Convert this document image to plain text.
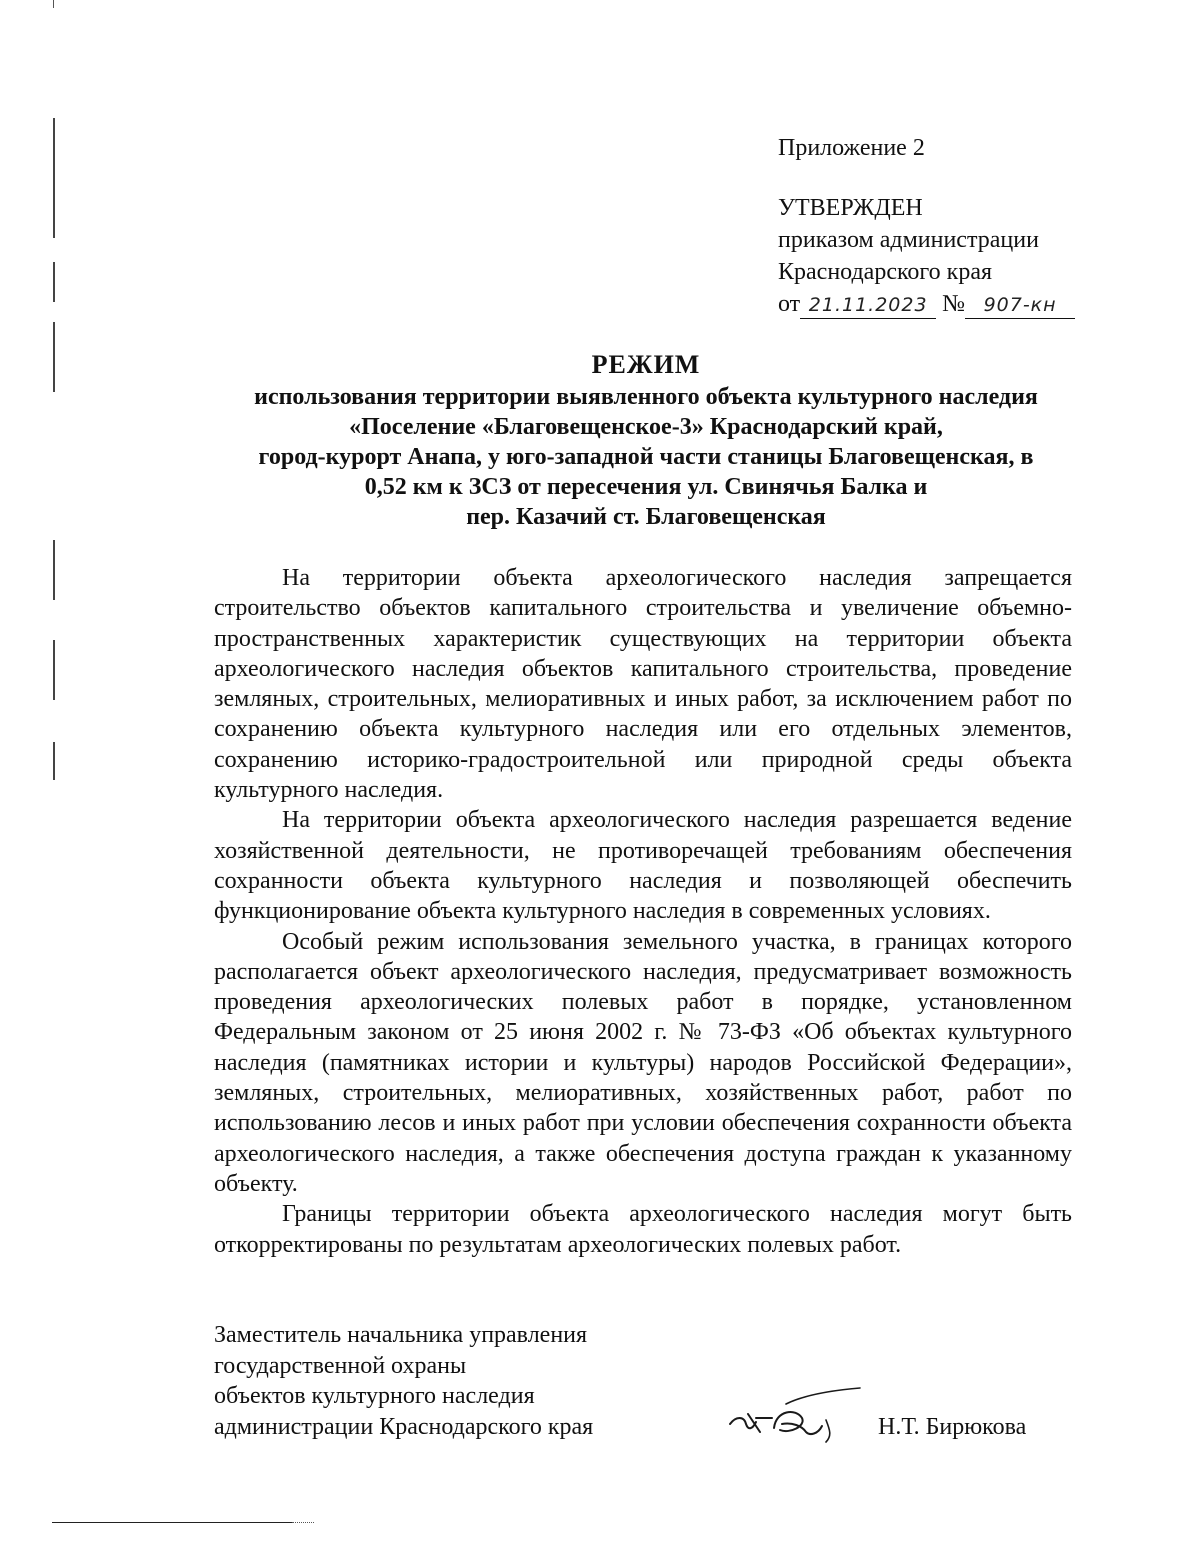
Приложение 2
УТВЕРЖДЕН
приказом администрации
Краснодарского края
от 21.11.2023 № 907-кн
РЕЖИМ
использования территории выявленного объекта культурного наследия
«Поселение «Благовещенское-3» Краснодарский край,
город-курорт Анапа, у юго-западной части станицы Благовещенская, в
0,52 км к ЗСЗ от пересечения ул. Свинячья Балка и
пер. Казачий ст. Благовещенская

На территории объекта археологического наследия запрещается строительство объектов капитального строительства и увеличение объемно-пространственных характеристик существующих на территории объекта археологического наследия объектов капитального строительства, проведение земляных, строительных, мелиоративных и иных работ, за исключением работ по сохранению объекта культурного наследия или его отдельных элементов, сохранению историко-градостроительной или природной среды объекта культурного наследия.

На территории объекта археологического наследия разрешается ведение хозяйственной деятельности, не противоречащей требованиям обеспечения сохранности объекта культурного наследия и позволяющей обеспечить функционирование объекта культурного наследия в современных условиях.

Особый режим использования земельного участка, в границах которого располагается объект археологического наследия, предусматривает возможность проведения археологических полевых работ в порядке, установленном Федеральным законом от 25 июня 2002 г. № 73-ФЗ «Об объектах культурного наследия (памятниках истории и культуры) народов Российской Федерации», земляных, строительных, мелиоративных, хозяйственных работ, работ по использованию лесов и иных работ при условии обеспечения сохранности объекта археологического наследия, а также обеспечения доступа граждан к указанному объекту.

Границы территории объекта археологического наследия могут быть откорректированы по результатам археологических полевых работ.

Заместитель начальника управления
государственной охраны
объектов культурного наследия
администрации Краснодарского края	Н.Т. Бирюкова
